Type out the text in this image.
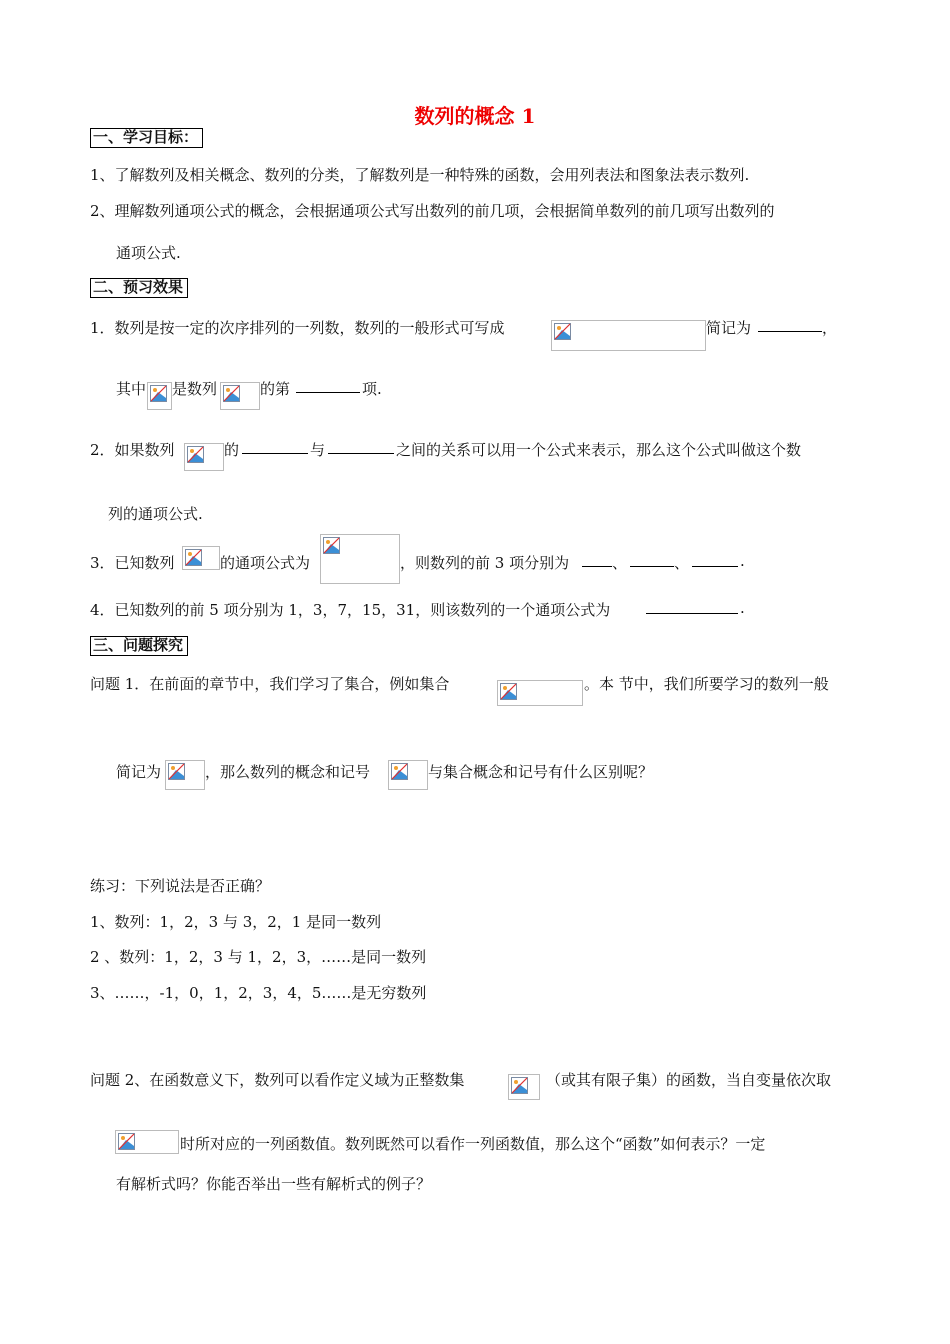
数列的概念 1
一、学习目标：
1、了解数列及相关概念、数列的分类，了解数列是一种特殊的函数，会用列表法和图象法表示数列.
2、理解数列通项公式的概念，会根据通项公式写出数列的前几项，会根据简单数列的前几项写出数列的
通项公式.
二、预习效果
1．数列是按一定的次序排列的一列数，数列的一般形式可写成	简记为	，
其中 是数列	的第	项.
2．如果数列	的	与	之间的关系可以用一个公式来表示，那么这个公式叫做这个数
列的通项公式.
3．已知数列	的通项公式为	，则数列的前 3 项分别为	、	、	.
4．已知数列的前 5 项分别为 1，3，7，15，31，则该数列的一个通项公式为	.
三、问题探究
问题 1．在前面的章节中，我们学习了集合，例如集合	。本 节中，我们所要学习的数列一般
简记为	，那么数列的概念和记号	与集合概念和记号有什么区别呢？
练习：下列说法是否正确？
1、数列：1，2，3 与 3，2，1 是同一数列
2 、数列：1，2，3 与 1，2，3，……是同一数列
3、……，-1，0，1，2，3，4，5……是无穷数列
问题 2、在函数意义下，数列可以看作定义域为正整数集	（或其有限子集）的函数，当自变量依次取
时所对应的一列函数值。数列既然可以看作一列函数值，那么这个“函数”如何表示？一定
有解析式吗？你能否举出一些有解析式的例子？
